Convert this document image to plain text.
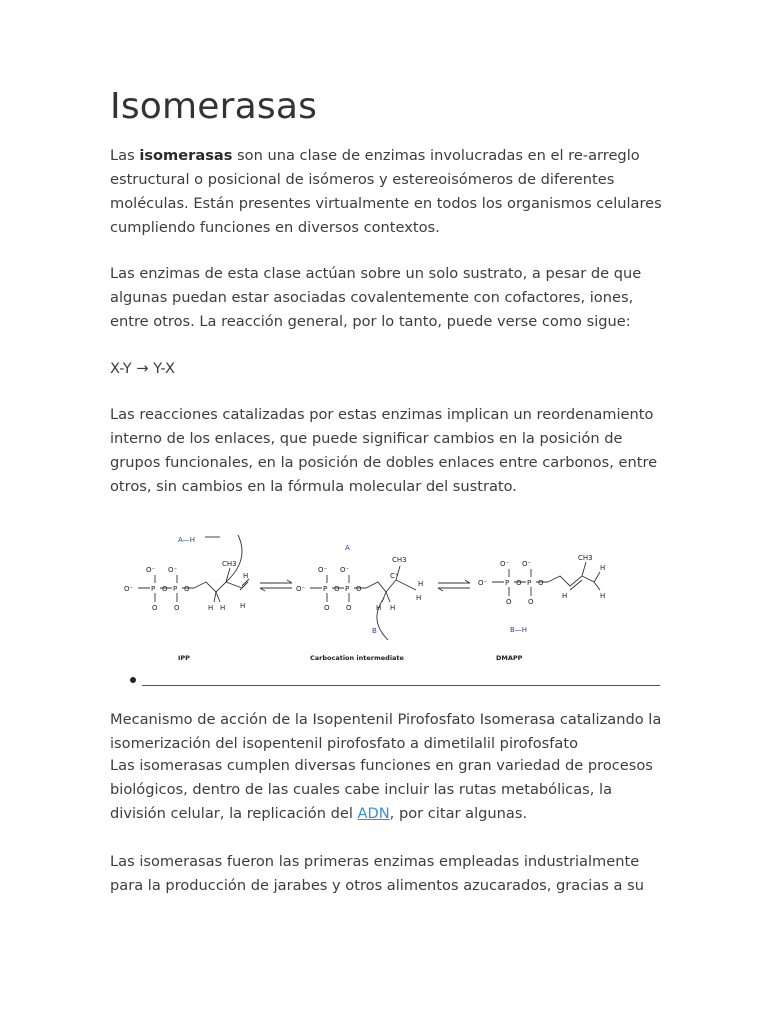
Isomerasas

Las isomerasas son una clase de enzimas involucradas en el re-arreglo estructural o posicional de isómeros y estereoisómeros de diferentes moléculas. Están presentes virtualmente en todos los organismos celulares cumpliendo funciones en diversos contextos.

Las enzimas de esta clase actúan sobre un solo sustrato, a pesar de que algunas puedan estar asociadas covalentemente con cofactores, iones, entre otros. La reacción general, por lo tanto, puede verse como sigue:

X-Y → Y-X

Las reacciones catalizadas por estas enzimas implican un reordenamiento interno de los enlaces, que puede significar cambios en la posición de grupos funcionales, en la posición de dobles enlaces entre carbonos, entre otros, sin cambios en la fórmula molecular del sustrato.

O⁻
O⁻ O⁻
P	P
O O
O O
CH3
H H
H
H
O⁻
O⁻ O⁻
P	P
O O
O O
CH3
C⁺
H H
H
H	O⁻
O⁻ O⁻
P	P
O O
O O
CH3
H
H
H
A—H
A
B	B—H
IPP	Carbocation intermediate	DMAPP

Mecanismo de acción de la Isopentenil Pirofosfato Isomerasa catalizando la isomerización del isopentenil pirofosfato a dimetilalil pirofosfato

Las isomerasas cumplen diversas funciones en gran variedad de procesos biológicos, dentro de las cuales cabe incluir las rutas metabólicas, la división celular, la replicación del ADN, por citar algunas.

Las isomerasas fueron las primeras enzimas empleadas industrialmente para la producción de jarabes y otros alimentos azucarados, gracias a su
